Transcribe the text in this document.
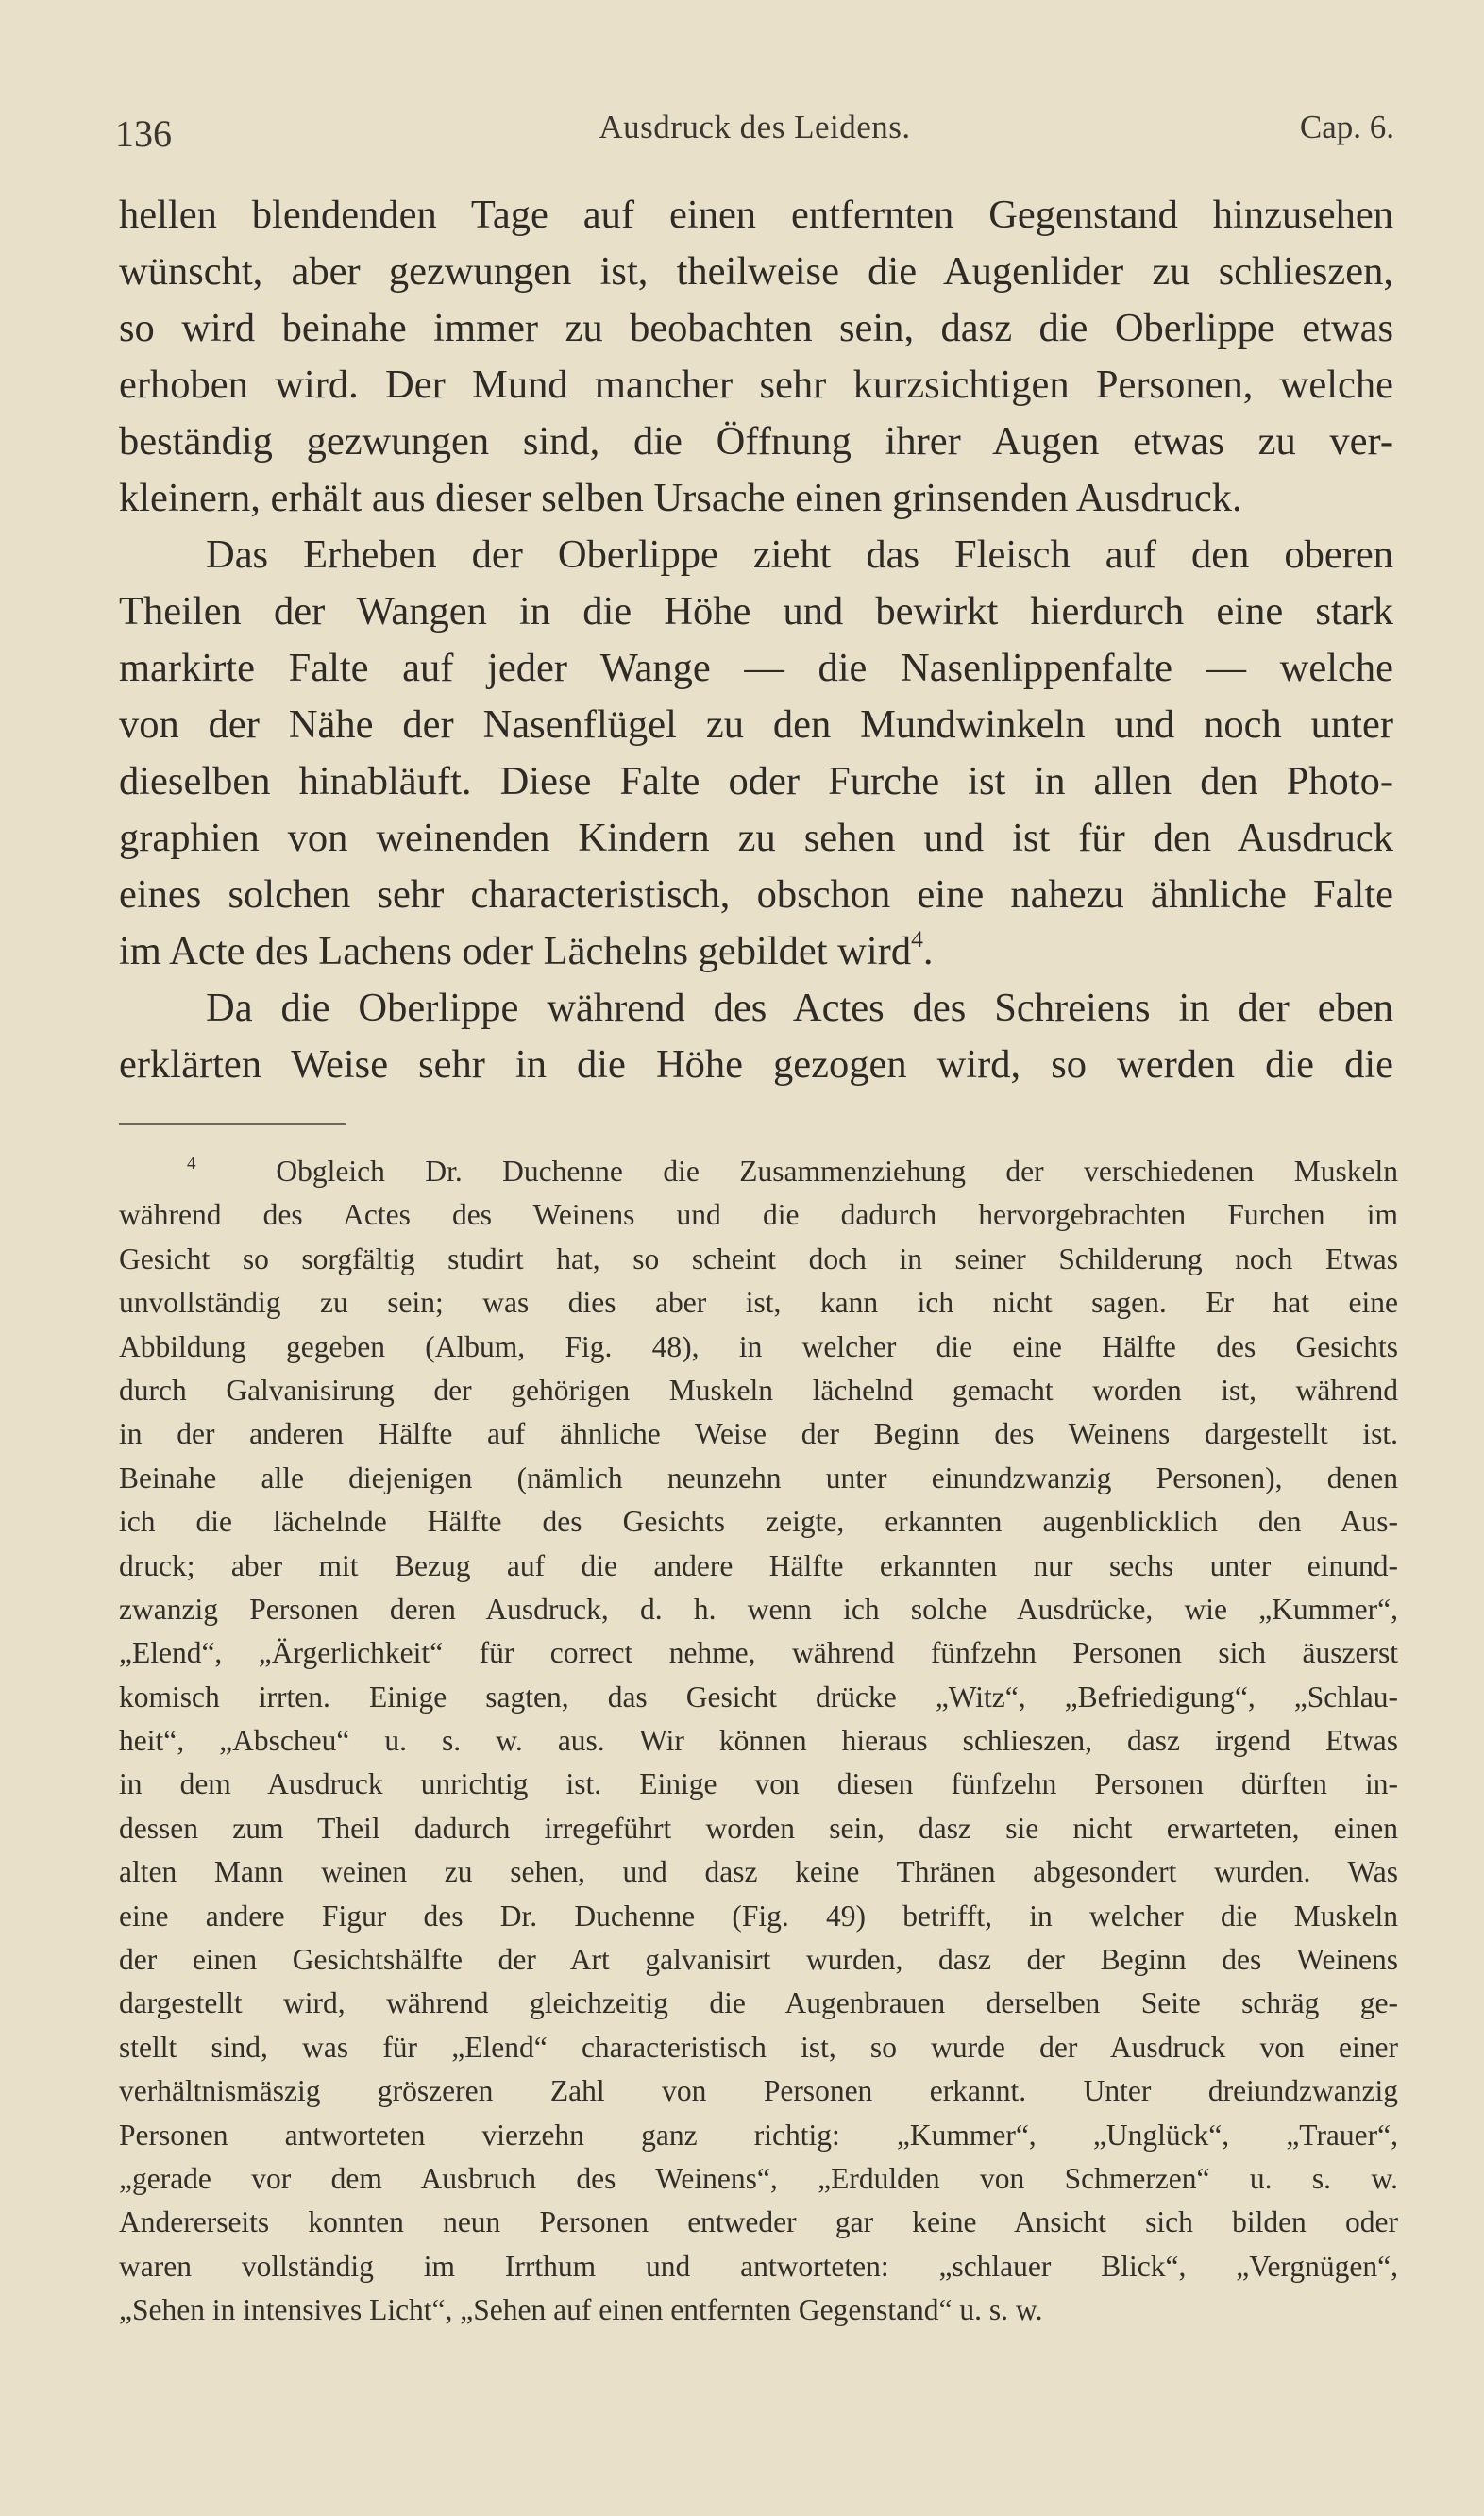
136	Ausdruck des Leidens.	Cap. 6.
hellen blendenden Tage auf einen entfernten Gegenstand hinzusehen
wünscht, aber gezwungen ist, theilweise die Augenlider zu schlieszen,
so wird beinahe immer zu beobachten sein, dasz die Oberlippe etwas
erhoben wird. Der Mund mancher sehr kurzsichtigen Personen, welche
beständig gezwungen sind, die Öffnung ihrer Augen etwas zu ver-
kleinern, erhält aus dieser selben Ursache einen grinsenden Ausdruck.
Das Erheben der Oberlippe zieht das Fleisch auf den oberen
Theilen der Wangen in die Höhe und bewirkt hierdurch eine stark
markirte Falte auf jeder Wange — die Nasenlippenfalte — welche
von der Nähe der Nasenflügel zu den Mundwinkeln und noch unter
dieselben hinabläuft. Diese Falte oder Furche ist in allen den Photo-
graphien von weinenden Kindern zu sehen und ist für den Ausdruck
eines solchen sehr characteristisch, obschon eine nahezu ähnliche Falte
im Acte des Lachens oder Lächelns gebildet wird$^4$.
Da die Oberlippe während des Actes des Schreiens in der eben
erklärten Weise sehr in die Höhe gezogen wird, so werden die die
$^4$	Obgleich Dr. Duchenne die Zusammenziehung der verschiedenen Muskeln
während des Actes des Weinens und die dadurch hervorgebrachten Furchen im
Gesicht so sorgfältig studirt hat, so scheint doch in seiner Schilderung noch Etwas
unvollständig zu sein; was dies aber ist, kann ich nicht sagen. Er hat eine
Abbildung gegeben (Album, Fig. 48), in welcher die eine Hälfte des Gesichts
durch Galvanisirung der gehörigen Muskeln lächelnd gemacht worden ist, während
in der anderen Hälfte auf ähnliche Weise der Beginn des Weinens dargestellt ist.
Beinahe alle diejenigen (nämlich neunzehn unter einundzwanzig Personen), denen
ich die lächelnde Hälfte des Gesichts zeigte, erkannten augenblicklich den Aus-
druck; aber mit Bezug auf die andere Hälfte erkannten nur sechs unter einund-
zwanzig Personen deren Ausdruck, d. h. wenn ich solche Ausdrücke, wie „Kummer“,
„Elend“, „Ärgerlichkeit“ für correct nehme, während fünfzehn Personen sich äuszerst
komisch irrten. Einige sagten, das Gesicht drücke „Witz“, „Befriedigung“, „Schlau-
heit“, „Abscheu“ u. s. w. aus. Wir können hieraus schlieszen, dasz irgend Etwas
in dem Ausdruck unrichtig ist. Einige von diesen fünfzehn Personen dürften in-
dessen zum Theil dadurch irregeführt worden sein, dasz sie nicht erwarteten, einen
alten Mann weinen zu sehen, und dasz keine Thränen abgesondert wurden. Was
eine andere Figur des Dr. Duchenne (Fig. 49) betrifft, in welcher die Muskeln
der einen Gesichtshälfte der Art galvanisirt wurden, dasz der Beginn des Weinens
dargestellt wird, während gleichzeitig die Augenbrauen derselben Seite schräg ge-
stellt sind, was für „Elend“ characteristisch ist, so wurde der Ausdruck von einer
verhältnismäszig gröszeren Zahl von Personen erkannt. Unter dreiundzwanzig
Personen antworteten vierzehn ganz richtig: „Kummer“, „Unglück“, „Trauer“,
„gerade vor dem Ausbruch des Weinens“, „Erdulden von Schmerzen“ u. s. w.
Andererseits konnten neun Personen entweder gar keine Ansicht sich bilden oder
waren vollständig im Irrthum und antworteten: „schlauer Blick“, „Vergnügen“,
„Sehen in intensives Licht“, „Sehen auf einen entfernten Gegenstand“ u. s. w.
